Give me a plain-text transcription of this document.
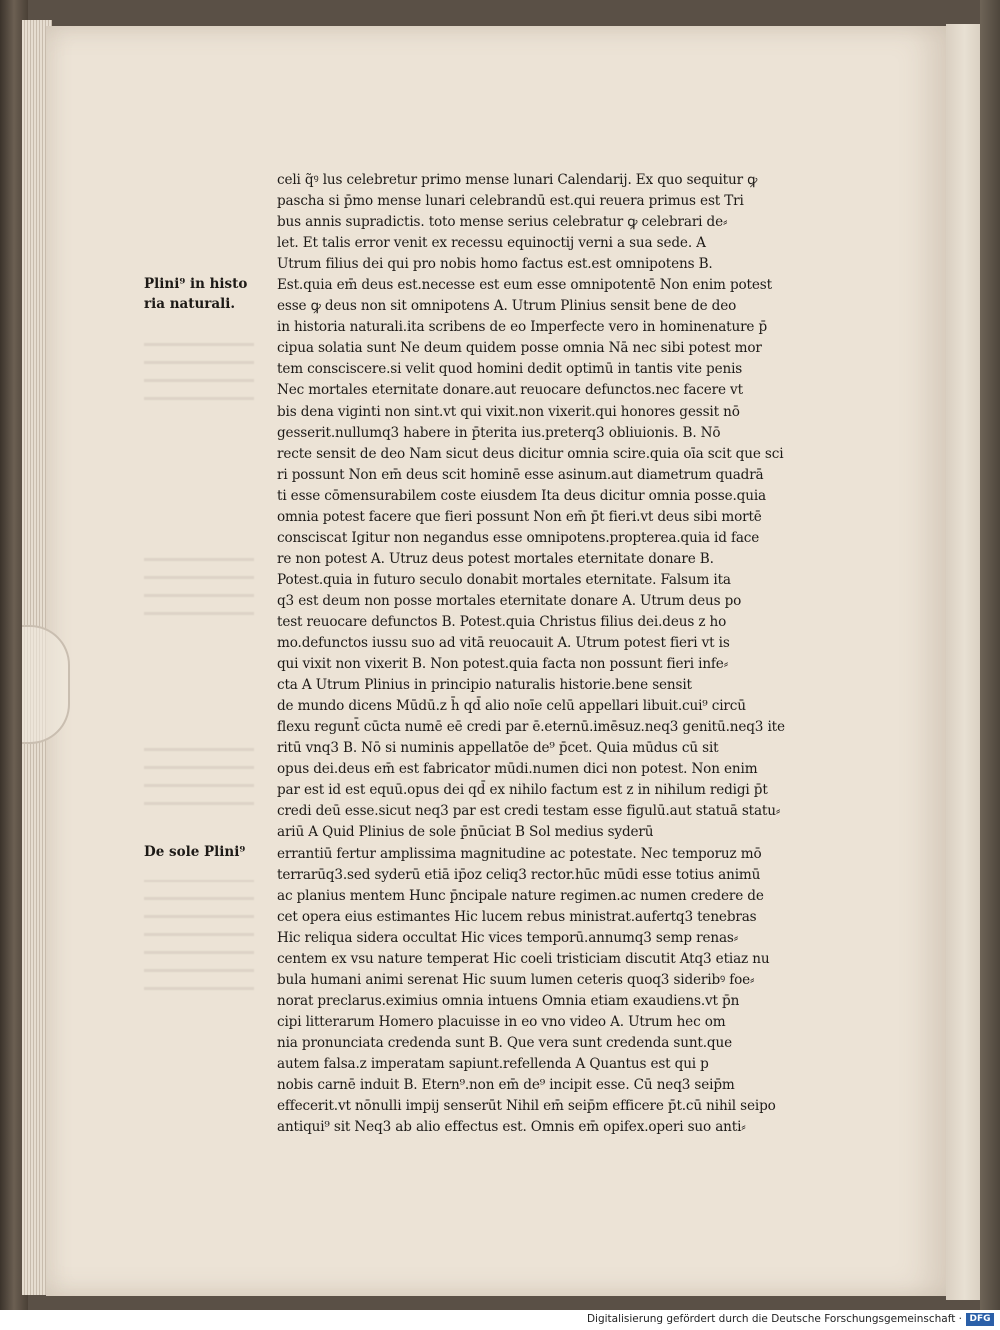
Plini⁹ in histo
ria naturali.
De sole Plini⁹
celi q̃ꝰ lus celebretur primo mense lunari Calendarij. Ex quo sequitur ꝙ
pascha si p̄mo mense lunari celebrandū est.qui reuera primus est Tri
bus annis supradictis. toto mense serius celebratur ꝙ celebrari de⸗
let. Et talis error venit ex recessu equinoctij verni a sua sede. A
Utrum filius dei qui pro nobis homo factus est.est omnipotens B.
Est.quia em̄ deus est.necesse est eum esse omnipotentē Non enim potest
esse ꝙ deus non sit omnipotens A. Utrum Plinius sensit bene de deo
in historia naturali.ita scribens de eo Imperfecte vero in hominenature p̄
cipua solatia sunt Ne deum quidem posse omnia Nā nec sibi potest mor
tem consciscere.si velit quod homini dedit optimū in tantis vite penis
Nec mortales eternitate donare.aut reuocare defunctos.nec facere vt
bis dena viginti non sint.vt qui vixit.non vixerit.qui honores gessit nō
gesserit.nullumq3 habere in p̄terita ius.preterq3 obliuionis. B. Nō
recte sensit de deo Nam sicut deus dicitur omnia scire.quia oīa scit que sci
ri possunt Non em̄ deus scit hominē esse asinum.aut diametrum quadrā
ti esse cōmensurabilem coste eiusdem Ita deus dicitur omnia posse.quia
omnia potest facere que fieri possunt Non em̄ p̄t fieri.vt deus sibi mortē
consciscat Igitur non negandus esse omnipotens.propterea.quia id face
re non potest A. Utruz deus potest mortales eternitate donare B.
Potest.quia in futuro seculo donabit mortales eternitate. Falsum ita
q3 est deum non posse mortales eternitate donare A. Utrum deus po
test reuocare defunctos B. Potest.quia Christus filius dei.deus z ho
mo.defunctos iussu suo ad vitā reuocauit A. Utrum potest fieri vt is
qui vixit non vixerit B. Non potest.quia facta non possunt fieri infe⸗
cta A Utrum Plinius in principio naturalis historie.bene sensit
de mundo dicens Mūdū.z h̄ qd̄ alio noīe celū appellari libuit.cui⁹ circū
flexu regunt̄ cūcta numē eē credi par ē.eternū.imēsuz.neq3 genitū.neq3 ite
ritū vnq3 B. Nō si numinis appellatōe de⁹ p̄cet. Quia mūdus cū sit
opus dei.deus em̄ est fabricator mūdi.numen dici non potest. Non enim
par est id est equū.opus dei qd̄ ex nihilo factum est z in nihilum redigi p̄t
credi deū esse.sicut neq3 par est credi testam esse figulū.aut statuā statu⸗
ariū A Quid Plinius de sole p̄nūciat B Sol medius syderū
errantiū fertur amplissima magnitudine ac potestate. Nec temporuz mō
terrarūq3.sed syderū etiā ip̄oz celiq3 rector.hūc mūdi esse totius animū
ac planius mentem Hunc p̄ncipale nature regimen.ac numen credere de
cet opera eius estimantes Hic lucem rebus ministrat.aufertq3 tenebras
Hic reliqua sidera occultat Hic vices temporū.annumq3 semp renas⸗
centem ex vsu nature temperat Hic coeli tristiciam discutit Atq3 etiaz nu
bula humani animi serenat Hic suum lumen ceteris quoq3 sideribꝰ foe⸗
norat preclarus.eximius omnia intuens Omnia etiam exaudiens.vt p̄n
cipi litterarum Homero placuisse in eo vno video A. Utrum hec om
nia pronunciata credenda sunt B. Que vera sunt credenda sunt.que
autem falsa.z imperatam sapiunt.refellenda A Quantus est qui p
nobis carnē induit B. Etern⁹.non em̄ de⁹ incipit esse. Cū neq3 seip̄m
effecerit.vt nōnulli impij senserūt Nihil em̄ seip̄m efficere p̄t.cū nihil seipo
antiqui⁹ sit Neq3 ab alio effectus est. Omnis em̄ opifex.operi suo anti⸗
Digitalisierung gefördert durch die Deutsche Forschungsgemeinschaft · DFG
